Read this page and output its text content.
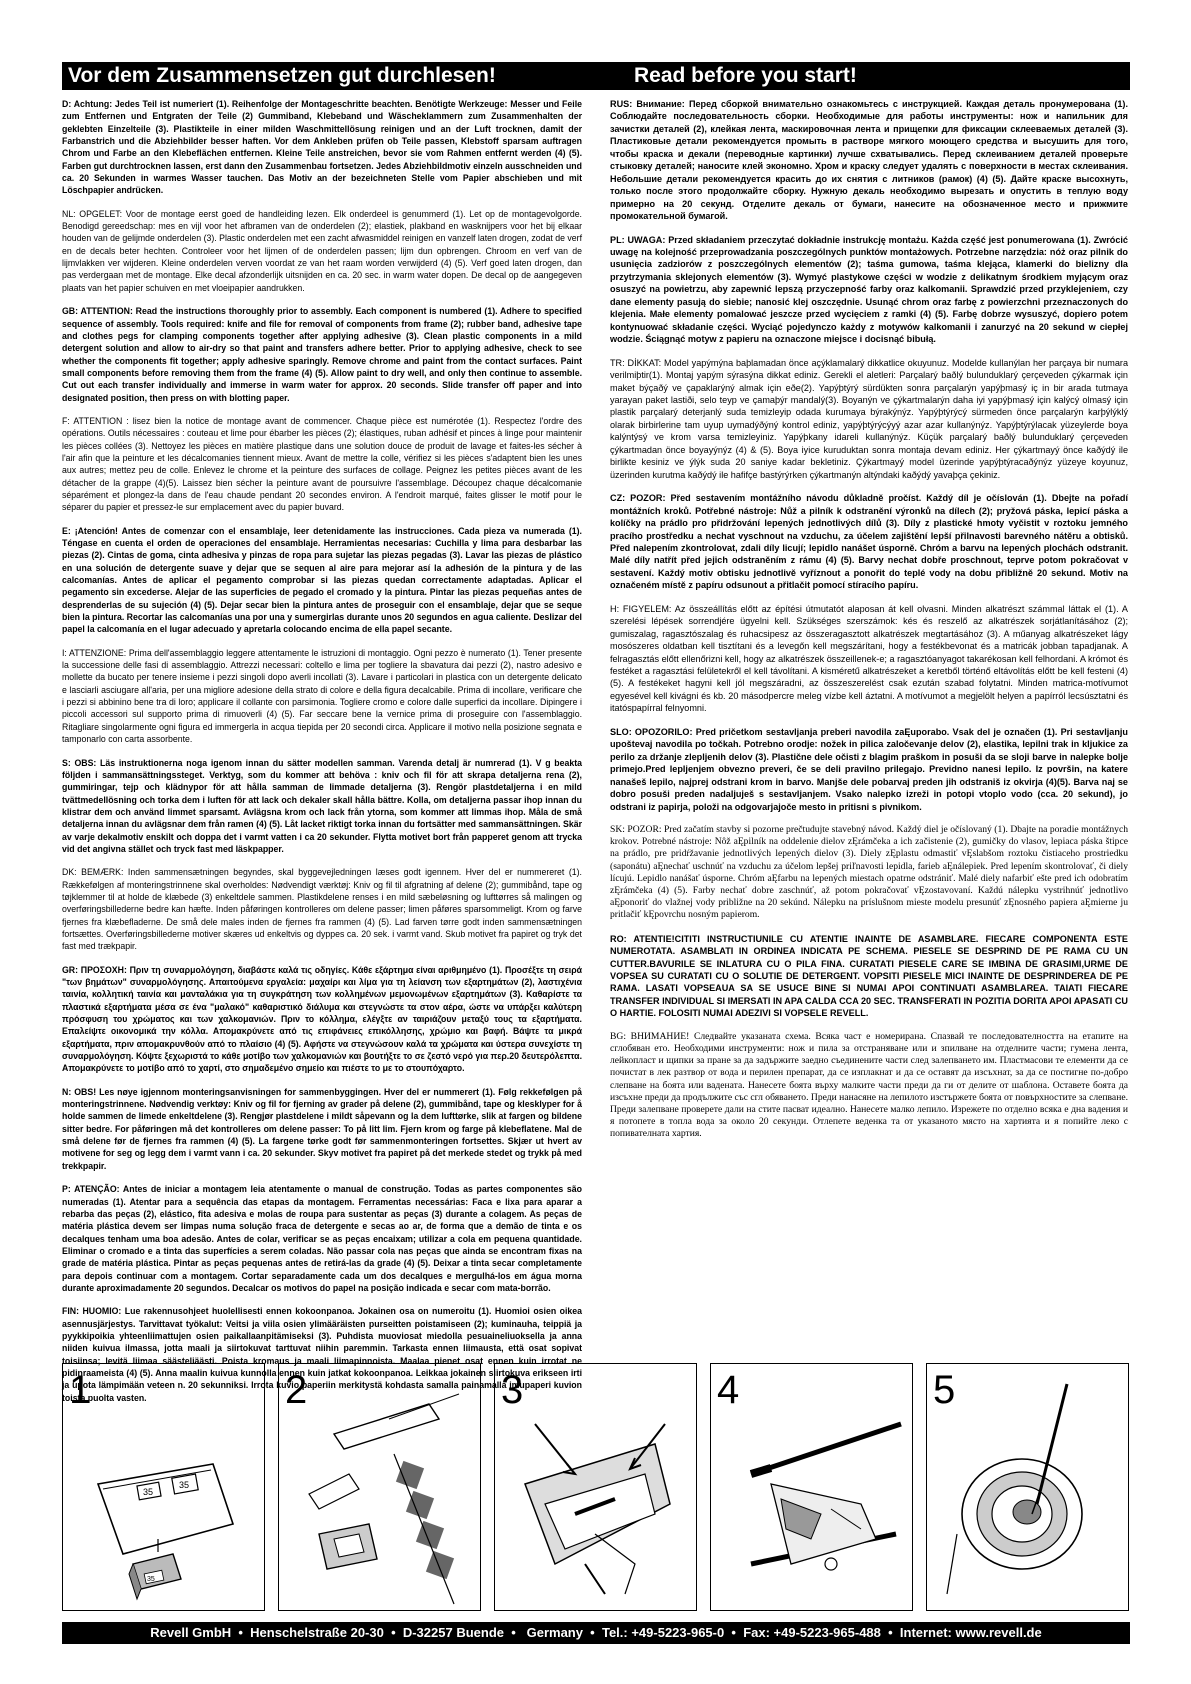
Vor dem Zusammensetzen gut durchlesen!	Read before you start!

D: Achtung: Jedes Teil ist numeriert (1). Reihenfolge der Montageschritte beachten. Benötigte Werkzeuge: Messer und Feile zum Entfernen und Entgraten der Teile (2) Gummiband, Klebeband und Wäscheklammern zum Zusammenhalten der geklebten Einzelteile (3). Plastikteile in einer milden Waschmittellösung reinigen und an der Luft trocknen, damit der Farbanstrich und die Abziehbilder besser haften. Vor dem Ankleben prüfen ob Teile passen, Klebstoff sparsam auftragen Chrom und Farbe an den Klebeflächen entfernen. Kleine Teile anstreichen, bevor sie vom Rahmen entfernt werden (4) (5). Farben gut durchtrocknen lassen, erst dann den Zusammenbau fortsetzen. Jedes Abziehbildmotiv einzeln ausschneiden und ca. 20 Sekunden in warmes Wasser tauchen. Das Motiv an der bezeichneten Stelle vom Papier abschieben und mit Löschpapier andrücken.

NL: OPGELET: Voor de montage eerst goed de handleiding lezen. Elk onderdeel is genummerd (1). Let op de montagevolgorde. Benodigd gereedschap: mes en vijl voor het afbramen van de onderdelen (2); elastiek, plakband en wasknijpers voor het bij elkaar houden van de gelijmde onderdelen (3). Plastic onderdelen met een zacht afwasmiddel reinigen en vanzelf laten drogen, zodat de verf en de decals beter hechten. Controleer voor het lijmen of de onderdelen passen; lijm dun opbrengen. Chroom en verf van de lijmvlakken ver wijderen. Kleine onderdelen verven voordat ze van het raam worden verwijderd (4) (5). Verf goed laten drogen, dan pas verdergaan met de montage. Elke decal afzonderlijk uitsnijden en ca. 20 sec. in warm water dopen. De decal op de aangegeven plaats van het papier schuiven en met vloeipapier aandrukken.

GB: ATTENTION: Read the instructions thoroughly prior to assembly. Each component is numbered (1). Adhere to specified sequence of assembly. Tools required: knife and file for removal of components from frame (2); rubber band, adhesive tape and clothes pegs for clamping components together after applying adhesive (3). Clean plastic components in a mild detergent solution and allow to air-dry so that paint and transfers adhere better. Prior to applying adhesive, check to see whether the components fit together; apply adhesive sparingly. Remove chrome and paint from the contact surfaces. Paint small components before removing them from the frame (4) (5). Allow paint to dry well, and only then continue to assemble. Cut out each transfer individually and immerse in warm water for approx. 20 seconds. Slide transfer off paper and into designated position, then press on with blotting paper.

F: ATTENTION : lisez bien la notice de montage avant de commencer. Chaque pièce est numérotée (1). Respectez l'ordre des opérations. Outils nécessaires : couteau et lime pour ébarber les pièces (2); élastiques, ruban adhésif et pinces à linge pour maintenir les pièces collées (3). Nettoyez les pièces en matière plastique dans une solution douce de produit de lavage et faites-les sécher à l'air afin que la peinture et les décalcomanies tiennent mieux. Avant de mettre la colle, vérifiez si les pièces s'adaptent bien les unes aux autres; mettez peu de colle. Enlevez le chrome et la peinture des surfaces de collage. Peignez les petites pièces avant de les détacher de la grappe (4)(5). Laissez bien sécher la peinture avant de poursuivre l'assemblage. Découpez chaque décalcomanie séparément et plongez-la dans de l'eau chaude pendant 20 secondes environ. A l'endroit marqué, faites glisser le motif pour le séparer du papier et pressez-le sur emplacement avec du papier buvard.

E: ¡Atención! Antes de comenzar con el ensamblaje, leer detenidamente las instrucciones. Cada pieza va numerada (1). Téngase en cuenta el orden de operaciones del ensamblaje. Herramientas necesarias: Cuchilla y lima para desbarbar las piezas (2). Cintas de goma, cinta adhesiva y pinzas de ropa para sujetar las piezas pegadas (3). Lavar las piezas de plástico en una solución de detergente suave y dejar que se sequen al aire para mejorar así la adhesión de la pintura y de las calcomanías. Antes de aplicar el pegamento comprobar si las piezas quedan correctamente adaptadas. Aplicar el pegamento sin excederse. Alejar de las superficies de pegado el cromado y la pintura. Pintar las piezas pequeñas antes de desprenderlas de su sujeción (4) (5). Dejar secar bien la pintura antes de proseguir con el ensamblaje, dejar que se seque bien la pintura. Recortar las calcomanías una por una y sumergirlas durante unos 20 segundos en agua caliente. Deslizar del papel la calcomanía en el lugar adecuado y apretarla colocando encima de ella papel secante.

I: ATTENZIONE: Prima dell'assemblaggio leggere attentamente le istruzioni di montaggio. Ogni pezzo è numerato (1). Tener presente la successione delle fasi di assemblaggio. Attrezzi necessari: coltello e lima per togliere la sbavatura dai pezzi (2), nastro adesivo e mollette da bucato per tenere insieme i pezzi singoli dopo averli incollati (3). Lavare i particolari in plastica con un detergente delicato e lasciarli asciugare all'aria, per una migliore adesione della strato di colore e della figura decalcabile. Prima di incollare, verificare che i pezzi si abbinino bene tra di loro; applicare il collante con parsimonia. Togliere cromo e colore dalle superfici da incollare. Dipingere i piccoli accessori sul supporto prima di rimuoverli (4) (5). Far seccare bene la vernice prima di proseguire con l'assemblaggio. Ritagliare singolarmente ogni figura ed immergerla in acqua tiepida per 20 secondi circa. Applicare il motivo nella posizione segnata e tamponarlo con carta assorbente.

S: OBS: Läs instruktionerna noga igenom innan du sätter modellen samman. Varenda detalj är numrerad (1). V g beakta följden i sammansättningssteget. Verktyg, som du kommer att behöva : kniv och fil för att skrapa detaljerna rena (2), gummiringar, tejp och klädnypor för att hålla samman de limmade detaljerna (3). Rengör plastdetaljerna i en mild tvättmedellösning och torka dem i luften för att lack och dekaler skall hålla bättre. Kolla, om detaljerna passar ihop innan du klistrar dem och använd limmet sparsamt. Avlägsna krom och lack från ytorna, som kommer att limmas ihop. Måla de små detaljerna innan du avlägsnar dem från ramen (4) (5). Låt lacket riktigt torka innan du fortsätter med sammansättningen. Skär av varje dekalmotiv enskilt och doppa det i varmt vatten i ca 20 sekunder. Flytta motivet bort från papperet genom att trycka vid det angivna stället och tryck fast med läskpapper.

DK: BEMÆRK: Inden sammensætningen begyndes, skal byggevejledningen læses godt igennem. Hver del er nummereret (1). Rækkefølgen af monteringstrinnene skal overholdes: Nødvendigt værktøj: Kniv og fil til afgratning af delene (2); gummibånd, tape og tøjklemmer til at holde de klæbede (3) enkeltdele sammen. Plastikdelene renses i en mild sæbeløsning og lufttørres så malingen og overføringsbillederne bedre kan hæfte. Inden påføringen kontrolleres om delene passer; limen påføres sparsommeligt. Krom og farve fjernes fra klæbefladerne. De små dele males inden de fjernes fra rammen (4) (5). Lad farven tørre godt inden sammensætningen fortsættes. Overføringsbillederne motiver skæres ud enkeltvis og dyppes ca. 20 sek. i varmt vand. Skub motivet fra papiret og tryk det fast med trækpapir.

GR: ΠΡΟΣΟΧΗ: Πριν τη συναρμολόγηση, διαβάστε καλά τις οδηγίες. Κάθε εξάρτημα είναι αριθμημένο (1). Προσέξτε τη σειρά "των βημάτων" συναρμολόγησης. Απαιτούμενα εργαλεία: μαχαίρι και λίμα για τη λείανση των εξαρτημάτων (2), λαστιχένια ταινία, κολλητική ταινία και μανταλάκια για τη συγκράτηση των κολλημένων μεμονωμένων εξαρτημάτων (3). Καθαρίστε τα πλαστικά εξαρτήματα μέσα σε ένα "μαλακό" καθαριστικό διάλυμα και στεγνώστε τα στον αέρα, ώστε να υπάρξει καλύτερη πρόσφυση του χρώματος και των χαλκομανιών. Πριν το κόλλημα, ελέγξτε αν ταιριάζουν μεταξύ τους τα εξαρτήματα. Επαλείψτε οικονομικά την κόλλα. Απομακρύνετε από τις επιφάνειες επικόλλησης, χρώμιο και βαφή. Βάψτε τα μικρά εξαρτήματα, πριν απομακρυνθούν από το πλαίσιο (4) (5). Αφήστε να στεγνώσουν καλά τα χρώματα και ύστερα συνεχίστε τη συναρμολόγηση. Κόψτε ξεχωριστά το κάθε μοτίβο των χαλκομανιών και βουτήξτε το σε ζεστό νερό για περ.20 δευτερόλεπτα. Απομακρύνετε το μοτίβο από το χαρτί, στο σημαδεμένο σημείο και πιέστε το με το στουπόχαρτο.

N: OBS! Les nøye igjennom monteringsanvisningen for sammenbyggingen. Hver del er nummerert (1). Følg rekkefølgen på monteringstrinnene. Nødvendig verktøy: Kniv og fil for fjerning av grader på delene (2), gummibånd, tape og klesklyper for å holde sammen de limede enkeltdelene (3). Rengjør plastdelene i mildt såpevann og la dem lufttørke, slik at fargen og bildene sitter bedre. For påføringen må det kontrolleres om delene passer: To på litt lim. Fjern krom og farge på klebeflatene. Mal de små delene før de fjernes fra rammen (4) (5). La fargene tørke godt før sammenmonteringen fortsettes. Skjær ut hvert av motivene for seg og legg dem i varmt vann i ca. 20 sekunder. Skyv motivet fra papiret på det merkede stedet og trykk på med trekkpapir.

P: ATENÇÃO: Antes de iniciar a montagem leia atentamente o manual de construção. Todas as partes componentes são numeradas (1). Atentar para a sequência das etapas da montagem. Ferramentas necessárias: Faca e lixa para aparar a rebarba das peças (2), elástico, fita adesiva e molas de roupa para sustentar as peças (3) durante a colagem. As peças de matéria plástica devem ser limpas numa solução fraca de detergente e secas ao ar, de forma que a demão de tinta e os decalques tenham uma boa adesão. Antes de colar, verificar se as peças encaixam; utilizar a cola em pequena quantidade. Eliminar o cromado e a tinta das superfícies a serem coladas. Não passar cola nas peças que ainda se encontram fixas na grade de matéria plástica. Pintar as peças pequenas antes de retirá-las da grade (4) (5). Deixar a tinta secar completamente para depois continuar com a montagem. Cortar separadamente cada um dos decalques e mergulhá-los em água morna durante aproximadamente 20 segundos. Decalcar os motivos do papel na posição indicada e secar com mata-borrão.

FIN: HUOMIO: Lue rakennusohjeet huolellisesti ennen kokoonpanoa. Jokainen osa on numeroitu (1). Huomioi osien oikea asennusjärjestys. Tarvittavat työkalut: Veitsi ja viila osien ylimääräisten purseitten poistamiseen (2); kuminauha, teippiä ja pyykkipoikia yhteenliimattujen osien paikallaanpitämiseksi (3). Puhdista muoviosat miedolla pesuaineliuoksella ja anna niiden kuivua ilmassa, jotta maali ja siirtokuvat tarttuvat niihin paremmin. Tarkasta ennen liimausta, että osat sopivat toisiinsa; levitä liimaa säästeliäästi. Poista kromaus ja maali liimapinnoista. Maalaa pienet osat ennen kuin irrotat ne pidinraameista (4) (5). Anna maalin kuivua kunnolla ennen kuin jatkat kokoonpanoa. Leikkaa jokainen siirtokuva erikseen irti ja upota lämpimään veteen n. 20 sekunniksi. Irrota kuvio paperiin merkitystä kohdasta samalla painamalla imupaperi kuvion toista puolta vasten.

RUS: Внимание: Перед сборкой внимательно ознакомьтесь с инструкцией. Каждая деталь пронумерована (1). Соблюдайте последовательность сборки. Необходимые для работы инструменты: нож и напильник для зачистки деталей (2), клейкая лента, маскировочная лента и прищепки для фиксации склееваемых деталей (3). Пластиковые детали рекомендуется промыть в растворе мягкого моющего средства и высушить для того, чтобы краска и декали (переводные картинки) лучше схватывались. Перед склеиванием деталей проверьте стыковку деталей; наносите клей экономно. Хром и краску следует удалять с поверхности в местах склеивания. Небольшие детали рекомендуется красить до их снятия с литников (рамок) (4) (5). Дайте краске высохнуть, только после этого продолжайте сборку. Нужную декаль необходимо вырезать и опустить в теплую воду примерно на 20 секунд. Отделите декаль от бумаги, нанесите на обозначенное место и прижмите промокательной бумагой.

PL: UWAGA: Przed składaniem przeczytać dokładnie instrukcję montażu. Każda część jest ponumerowana (1). Zwrócić uwagę na kolejność przeprowadzania poszczególnych punktów montażowych. Potrzebne narzędzia: nóż oraz pilnik do usunięcia zadziorów z poszczególnych elementów (2); taśma gumowa, taśma klejąca, klamerki do bielizny dla przytrzymania sklejonych elementów (3). Wymyć plastykowe części w wodzie z delikatnym środkiem myjącym oraz osuszyć na powietrzu, aby zapewnić lepszą przyczepność farby oraz kalkomanii. Sprawdzić przed przyklejeniem, czy dane elementy pasują do siebie; nanosić klej oszczędnie. Usunąć chrom oraz farbę z powierzchni przeznaczonych do klejenia. Małe elementy pomalować jeszcze przed wycięciem z ramki (4) (5). Farbę dobrze wysuszyć, dopiero potem kontynuować składanie części. Wyciąć pojedynczo każdy z motywów kalkomanii i zanurzyć na 20 sekund w ciepłej wodzie. Ściągnąć motyw z papieru na oznaczone miejsce i docisnąć bibułą.

TR: DİKKAT: Model yapýmýna baþlamadan önce açýklamalarý dikkatlice okuyunuz. Modelde kullanýlan her parçaya bir numara verilmiþtir(1). Montaj yapým sýrasýna dikkat ediniz. Gerekli el aletleri: Parçalarý baðlý bulunduklarý çerçeveden çýkarmak için maket býçaðý ve çapaklarýný almak için eðe(2). Yapýþtýrý sürdükten sonra parçalarýn yapýþmasý iç in bir arada tutmaya yarayan paket lastiði, selo teyp ve çamaþýr mandalý(3). Boyanýn ve çýkartmalarýn daha iyi yapýþmasý için kalýcý olmasý için plastik parçalarý deterjanlý suda temizleyip odada kurumaya býrakýnýz. Yapýþtýrýcý sürmeden önce parçalarýn karþýlýklý olarak birbirlerine tam uyup uymadýðýný kontrol ediniz, yapýþtýrýcýyý azar azar kullanýnýz. Yapýþtýrýlacak yüzeylerde boya kalýntýsý ve krom varsa temizleyiniz. Yapýþkany idareli kullanýnýz. Küçük parçalarý baðlý bulunduklarý çerçeveden çýkartmadan önce boyayýnýz (4) & (5). Boya iyice kuruduktan sonra montaja devam ediniz. Her çýkartmayý önce kaðýdý ile birlikte kesiniz ve ýlýk suda 20 saniye kadar bekletiniz. Çýkartmayý model üzerinde yapýþtýracaðýnýz yüzeye koyunuz, üzerinden kurutma kaðýdý ile hafifçe bastýrýrken çýkartmanýn altýndaki kaðýdý yavaþça çekiniz.

CZ: POZOR: Před sestavením montážního návodu důkladně pročíst. Každý díl je očíslován (1). Dbejte na pořadí montážních kroků. Potřebné nástroje: Nůž a pilník k odstranění výronků na dílech (2); pryžová páska, lepicí páska a kolíčky na prádlo pro přidržování lepených jednotlivých dílů (3). Díly z plastické hmoty vyčistit v roztoku jemného pracího prostředku a nechat vyschnout na vzduchu, za účelem zajištění lepší přilnavosti barevného nátěru a obtisků. Před nalepením zkontrolovat, zdali díly licují; lepidlo nanášet úsporně. Chróm a barvu na lepených plochách odstranit. Malé díly natřít před jejich odstraněním z rámu (4) (5). Barvy nechat dobře proschnout, teprve potom pokračovat v sestavení. Každý motiv obtisku jednotlivě vyříznout a ponořit do teplé vody na dobu přibližně 20 sekund. Motiv na označeném místě z papíru odsunout a přitlačit pomocí stíracího papíru.

H: FIGYELEM: Az összeállítás előtt az építési útmutatót alaposan át kell olvasni. Minden alkatrészt számmal láttak el (1). A szerelési lépések sorrendjére ügyelni kell. Szükséges szerszámok: kés és reszelő az alkatrészek sorjátlanításához (2); gumiszalag, ragasztószalag és ruhacsipesz az összeragasztott alkatrészek megtartásához (3). A műanyag alkatrészeket lágy mosószeres oldatban kell tisztítani és a levegőn kell megszárítani, hogy a festékbevonat és a matricák jobban tapadjanak. A felragasztás előtt ellenőrizni kell, hogy az alkatrészek összeillenek-e; a ragasztóanyagot takarékosan kell felhordani. A krómot és festéket a ragasztási felületekről el kell távolítani. A kisméretű alkatrészeket a keretből történő eltávolítás előtt be kell festeni (4) (5). A festékeket hagyni kell jól megszáradni, az összeszerelést csak ezután szabad folytatni. Minden matrica-motívumot egyesével kell kivágni és kb. 20 másodpercre meleg vízbe kell áztatni. A motívumot a megjelölt helyen a papírról lecsúsztatni és itatóspapírral felnyomni.

SLO: OPOZORILO: Pred pričetkom sestavljanja preberi navodila zaĘuporabo. Vsak del je označen (1). Pri sestavljanju upoštevaj navodila po točkah. Potrebno orodje: nožek in pilica zaločevanje delov (2), elastika, lepilni trak in kljukice za perilo za držanje zlepljenih delov (3). Plastične dele očisti z blagim praškom in posuši da se sloji barve in nalepke bolje primejo.Pred lepljenjem obvezno preveri, če se deli pravilno prilegajo. Previdno nanesi lepilo. Iz površin, na katere nanašeš lepilo, najprej odstrani krom in barvo. Manjše dele pobarvaj preden jih odstraniš iz okvirja (4)(5). Barva naj se dobro posuši preden nadaljuješ s sestavljanjem. Vsako nalepko izreži in potopi vtoplo vodo (cca. 20 sekund), jo odstrani iz papirja, položi na odgovarjajoče mesto in pritisni s pivnikom.

SK: POZOR: Pred začatím stavby si pozorne prečtudujte stavebný návod. Každý diel je očíslovaný (1). Dbajte na poradie montážnych krokov. Potrebné nástroje: Nôž aĘpilník na oddelenie dielov zĘrámčeka a ich začistenie (2), gumičky do vlasov, lepiaca páska štipce na prádlo, pre pridŕžavanie jednotlivých lepených dielov (3). Diely zĘplastu odmastiť vĘslabšom roztoku čistiaceho prostriedku (saponátu) aĘnechať uschnúť na vzduchu za účelom lepšej priľnavosti lepidla, farieb aĘnálepiek. Pred lepením skontrolovať, či diely lícujú. Lepidlo nanášať úsporne. Chróm aĘfarbu na lepených miestach opatrne odstrániť. Malé diely nafarbiť ešte pred ich odobratím zĘrámčeka (4) (5). Farby nechať dobre zaschnúť, až potom pokračovať vĘzostavovaní. Každú nálepku vystrihnúť jednotlivo aĘponoriť do vlažnej vody približne na 20 sekúnd. Nálepku na príslušnom mieste modelu presunúť zĘnosného papiera aĘmierne ju pritlačiť kĘpovrchu nosným papierom.

RO: ATENTIE!CITITI INSTRUCTIUNILE CU ATENTIE INAINTE DE ASAMBLARE. FIECARE COMPONENTA ESTE NUMEROTATA. ASAMBLATI IN ORDINEA INDICATA PE SCHEMA. PIESELE SE DESPRIND DE PE RAMA CU UN CUTTER.BAVURILE SE INLATURA CU O PILA FINA. CURATATI PIESELE CARE SE IMBINA DE GRASIMI,URME DE VOPSEA SU CURATATI CU O SOLUTIE DE DETERGENT. VOPSITI PIESELE MICI INAINTE DE DESPRINDEREA DE PE RAMA. LASATI VOPSEAUA SA SE USUCE BINE SI NUMAI APOI CONTINUATI ASAMBLAREA. TAIATI FIECARE TRANSFER INDIVIDUAL SI IMERSATI IN APA CALDA CCA 20 SEC. TRANSFERATI IN POZITIA DORITA APOI APASATI CU O HARTIE. FOLOSITI NUMAI ADEZIVI SI VOPSELE REVELL.

BG: ВНИМАНИЕ! Следвайте указаната схема. Всяка част е номерирана. Спазвай те последователността на етапите на сглобяван ето. Необходими инструменти: нож и пила за отстраняване или и зпилване на отделните части; гумена лента, лейкопласт и щипки за пране за да задържите заедно съединените части след залепването им. Пластмасови те елементи да се почистат в лек разтвор от вода и перилен препарат, да се изплакнат и да се оставят да изсъхнат, за да се постигне по-добро слепване на боята или вадената. Нанесете боята върху малките части преди да ги от делите от шаблона. Оставете боята да изсъхне преди да продължите със сгл обяването. Преди нанасяне на лепилото изстържете боята от повърхностите за слепване. Преди залепване проверете дали на стите пасват идеално. Нанесете малко лепило. Изрежете по отделно всяка е дна вадения и я потопете в топла вода за около 20 секунди. Отлепете веденка та от указаното място на хартията и я попийте леко с попивателната хартия.

1
35
35
35
2	3	4	5
Revell GmbH  •  Henschelstraße 20-30  •  D-32257 Buende  •   Germany  •  Tel.: +49-5223-965-0  •  Fax: +49-5223-965-488  •  Internet: www.revell.de
